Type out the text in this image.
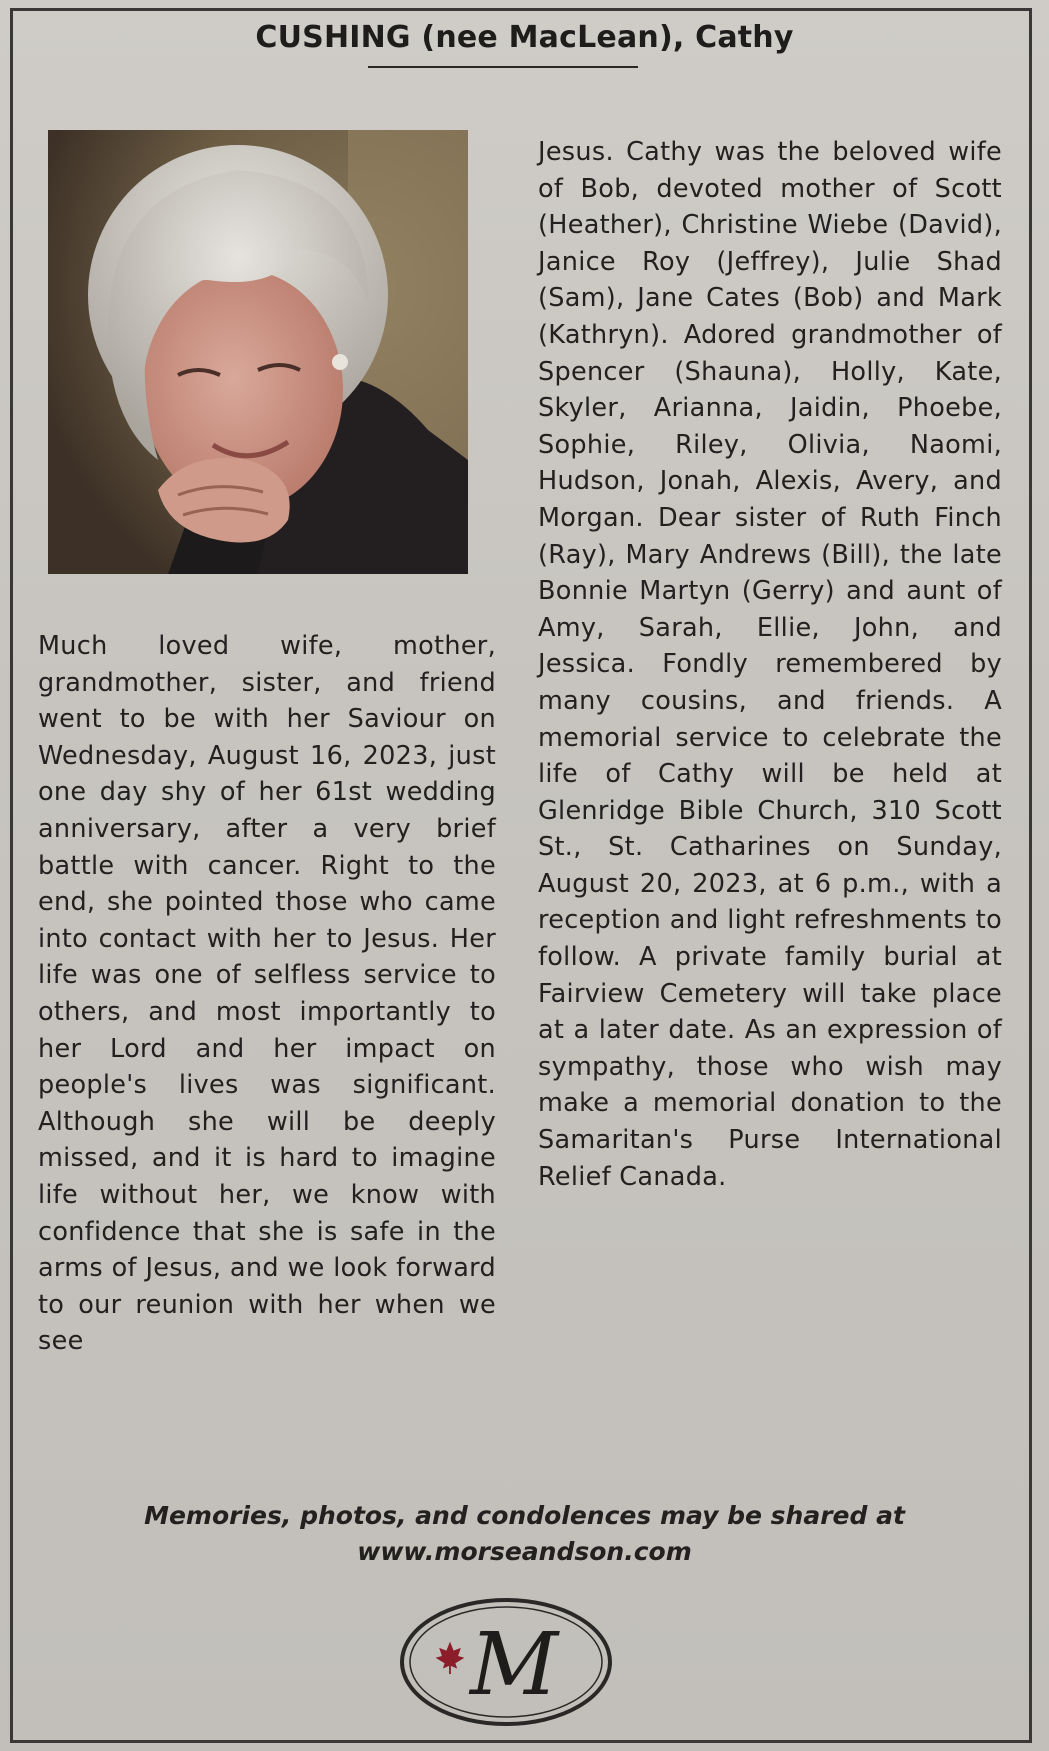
CUSHING (nee MacLean), Cathy
Much loved wife, mother, grandmother, sister, and friend went to be with her Saviour on Wednesday, August 16, 2023, just one day shy of her 61st wedding anniversary, after a very brief battle with cancer. Right to the end, she pointed those who came into contact with her to Jesus. Her life was one of selfless service to others, and most importantly to her Lord and her impact on people's lives was significant. Although she will be deeply missed, and it is hard to imagine life without her, we know with confidence that she is safe in the arms of Jesus, and we look forward to our reunion with her when we see
Jesus. Cathy was the beloved wife of Bob, devoted mother of Scott (Heather), Christine Wiebe (David), Janice Roy (Jeffrey), Julie Shad (Sam), Jane Cates (Bob) and Mark (Kathryn). Adored grandmother of Spencer (Shauna), Holly, Kate, Skyler, Arianna, Jaidin, Phoebe, Sophie, Riley, Olivia, Naomi, Hudson, Jonah, Alexis, Avery, and Morgan. Dear sister of Ruth Finch (Ray), Mary Andrews (Bill), the late Bonnie Martyn (Gerry) and aunt of Amy, Sarah, Ellie, John, and Jessica. Fondly remembered by many cousins, and friends. A memorial service to celebrate the life of Cathy will be held at Glenridge Bible Church, 310 Scott St., St. Catharines on Sunday, August 20, 2023, at 6 p.m., with a reception and light refreshments to follow. A private family burial at Fairview Cemetery will take place at a later date. As an expression of sympathy, those who wish may make a memorial donation to the Samaritan's Purse International Relief Canada.
Memories, photos, and condolences may be shared at
www.morseandson.com
M
